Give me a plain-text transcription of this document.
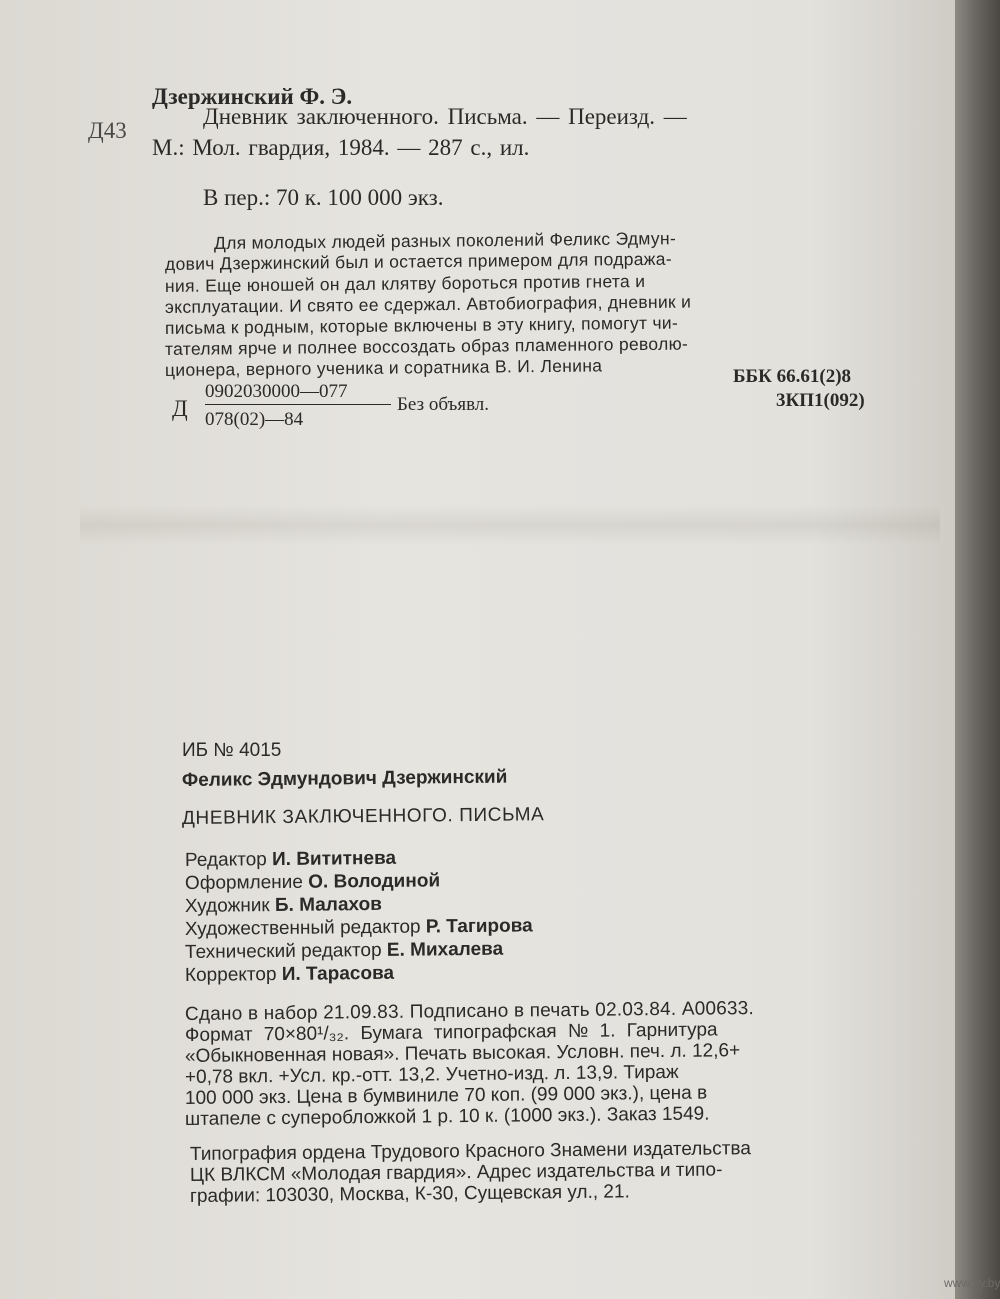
Дзержинский Ф. Э.
Д43
Дневник заключенного. Письма. — Переизд. —
М.: Мол. гвардия, 1984. — 287 с., ил.
В пер.: 70 к. 100 000 экз.
Для молодых людей разных поколений Феликс Эдмун-
дович Дзержинский был и остается примером для подража-
ния. Еще юношей он дал клятву бороться против гнета и
эксплуатации. И свято ее сдержал. Автобиография, дневник и
письма к родным, которые включены в эту книгу, помогут чи-
тателям ярче и полнее воссоздать образ пламенного револю-
ционера, верного ученика и соратника В. И. Ленина
Д
0902030000—077
078(02)—84
Без объявл.
ББК 66.61(2)8
3КП1(092)
ИБ № 4015
Феликс Эдмундович Дзержинский
ДНЕВНИК ЗАКЛЮЧЕННОГО. ПИСЬМА
Редактор И. Вититнева
Оформление О. Володиной
Художник Б. Малахов
Художественный редактор Р. Тагирова
Технический редактор Е. Михалева
Корректор И. Тарасова
Сдано в набор 21.09.83. Подписано в печать 02.03.84. А00633.
Формат 70×80¹/₃₂. Бумага типографская № 1. Гарнитура
«Обыкновенная новая». Печать высокая. Условн. печ. л. 12,6+
+0,78 вкл. +Усл. кр.-отт. 13,2. Учетно-изд. л. 13,9. Тираж
100 000 экз. Цена в бумвиниле 70 коп. (99 000 экз.), цена в
штапеле с суперобложкой 1 р. 10 к. (1000 экз.). Заказ 1549.
Типография ордена Трудового Красного Знамени издательства
ЦК ВЛКСМ «Молодая гвардия». Адрес издательства и типо-
графии: 103030, Москва, К-30, Сущевская ул., 21.
www.ay.by
